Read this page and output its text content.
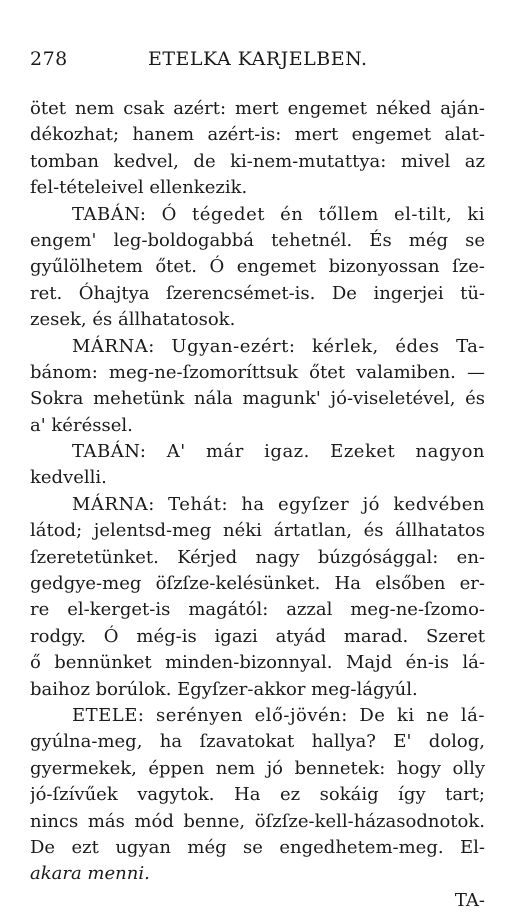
278	ETELKA KARJELBEN.
ötet nem csak azért: mert engemet néked aján-
dékozhat; hanem azért-is: mert engemet alat-
tomban kedvel, de ki-nem-mutattya: mivel az
fel-tételeivel ellenkezik.
TABÁN: Ó tégedet én tőllem el-tilt, ki
engem' leg-boldogabbá tehetnél. És még se
gyűlölhetem őtet. Ó engemet bizonyossan ſze-
ret. Óhajtya ſzerencsémet-is. De ingerjei tü-
zesek, és állhatatosok.
MÁRNA: Ugyan-ezért: kérlek, édes Ta-
bánom: meg-ne-ſzomoríttsuk őtet valamiben. —
Sokra mehetünk nála magunk' jó-viseletével, és
a' kéréssel.
TABÁN: A' már igaz. Ezeket nagyon
kedvelli.
MÁRNA: Tehát: ha egyſzer jó kedvében
látod; jelentsd-meg néki ártatlan, és állhatatos
ſzeretetünket. Kérjed nagy búzgósággal: en-
gedgye-meg öſzſze-kelésünket. Ha elsőben er-
re el-kerget-is magától: azzal meg-ne-ſzomo-
rodgy. Ó még-is igazi atyád marad. Szeret
ő bennünket minden-bizonnyal. Majd én-is lá-
baihoz borúlok. Egyſzer-akkor meg-lágyúl.
ETELE: serényen elő-jövén: De ki ne lá-
gyúlna-meg, ha ſzavatokat hallya? E' dolog,
gyermekek, éppen nem jó bennetek: hogy olly
jó-ſzívűek vagytok. Ha ez sokáig így tart;
nincs más mód benne, öſzſze-kell-házasodnotok.
De ezt ugyan még se engedhetem-meg. El-
akara menni.
TA-
